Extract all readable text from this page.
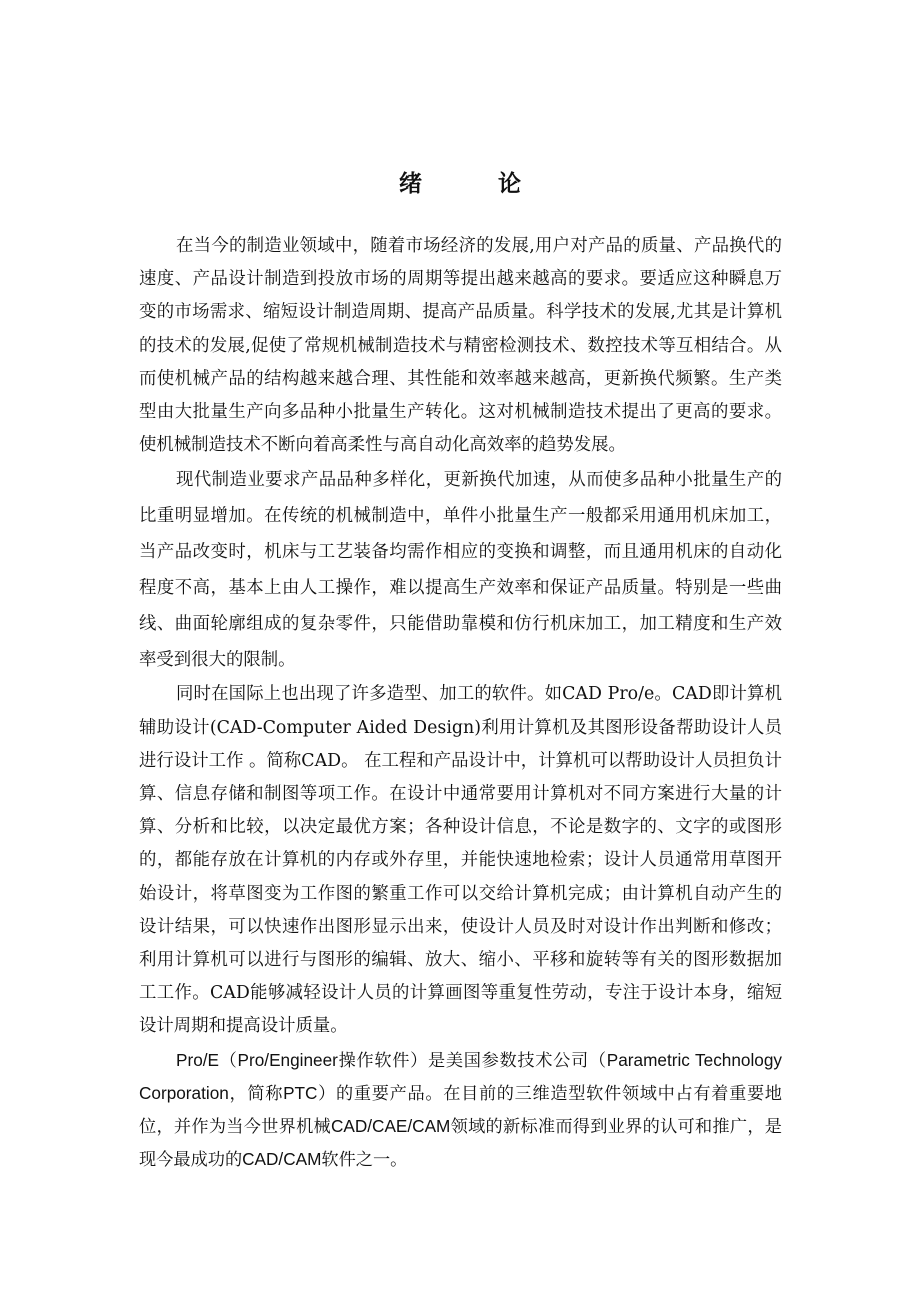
绪 论

在当今的制造业领域中，随着市场经济的发展,用户对产品的质量、产品换代的速度、产品设计制造到投放市场的周期等提出越来越高的要求。要适应这种瞬息万变的市场需求、缩短设计制造周期、提高产品质量。科学技术的发展,尤其是计算机的技术的发展,促使了常规机械制造技术与精密检测技术、数控技术等互相结合。从而使机械产品的结构越来越合理、其性能和效率越来越高，更新换代频繁。生产类型由大批量生产向多品种小批量生产转化。这对机械制造技术提出了更高的要求。使机械制造技术不断向着高柔性与高自动化高效率的趋势发展。

现代制造业要求产品品种多样化，更新换代加速，从而使多品种小批量生产的比重明显增加。在传统的机械制造中，单件小批量生产一般都采用通用机床加工，当产品改变时，机床与工艺装备均需作相应的变换和调整，而且通用机床的自动化程度不高，基本上由人工操作，难以提高生产效率和保证产品质量。特别是一些曲线、曲面轮廓组成的复杂零件，只能借助靠模和仿行机床加工，加工精度和生产效率受到很大的限制。

同时在国际上也出现了许多造型、加工的软件。如CAD Pro/e。CAD即计算机辅助设计(CAD-Computer Aided Design)利用计算机及其图形设备帮助设计人员进行设计工作 。简称CAD。 在工程和产品设计中，计算机可以帮助设计人员担负计算、信息存储和制图等项工作。在设计中通常要用计算机对不同方案进行大量的计算、分析和比较，以决定最优方案；各种设计信息，不论是数字的、文字的或图形的，都能存放在计算机的内存或外存里，并能快速地检索；设计人员通常用草图开始设计，将草图变为工作图的繁重工作可以交给计算机完成；由计算机自动产生的设计结果，可以快速作出图形显示出来，使设计人员及时对设计作出判断和修改；利用计算机可以进行与图形的编辑、放大、缩小、平移和旋转等有关的图形数据加工工作。CAD能够减轻设计人员的计算画图等重复性劳动，专注于设计本身，缩短设计周期和提高设计质量。

Pro/E（Pro/Engineer操作软件）是美国参数技术公司（Parametric Technology Corporation，简称PTC）的重要产品。在目前的三维造型软件领域中占有着重要地位，并作为当今世界机械CAD/CAE/CAM领域的新标准而得到业界的认可和推广，是现今最成功的CAD/CAM软件之一。
